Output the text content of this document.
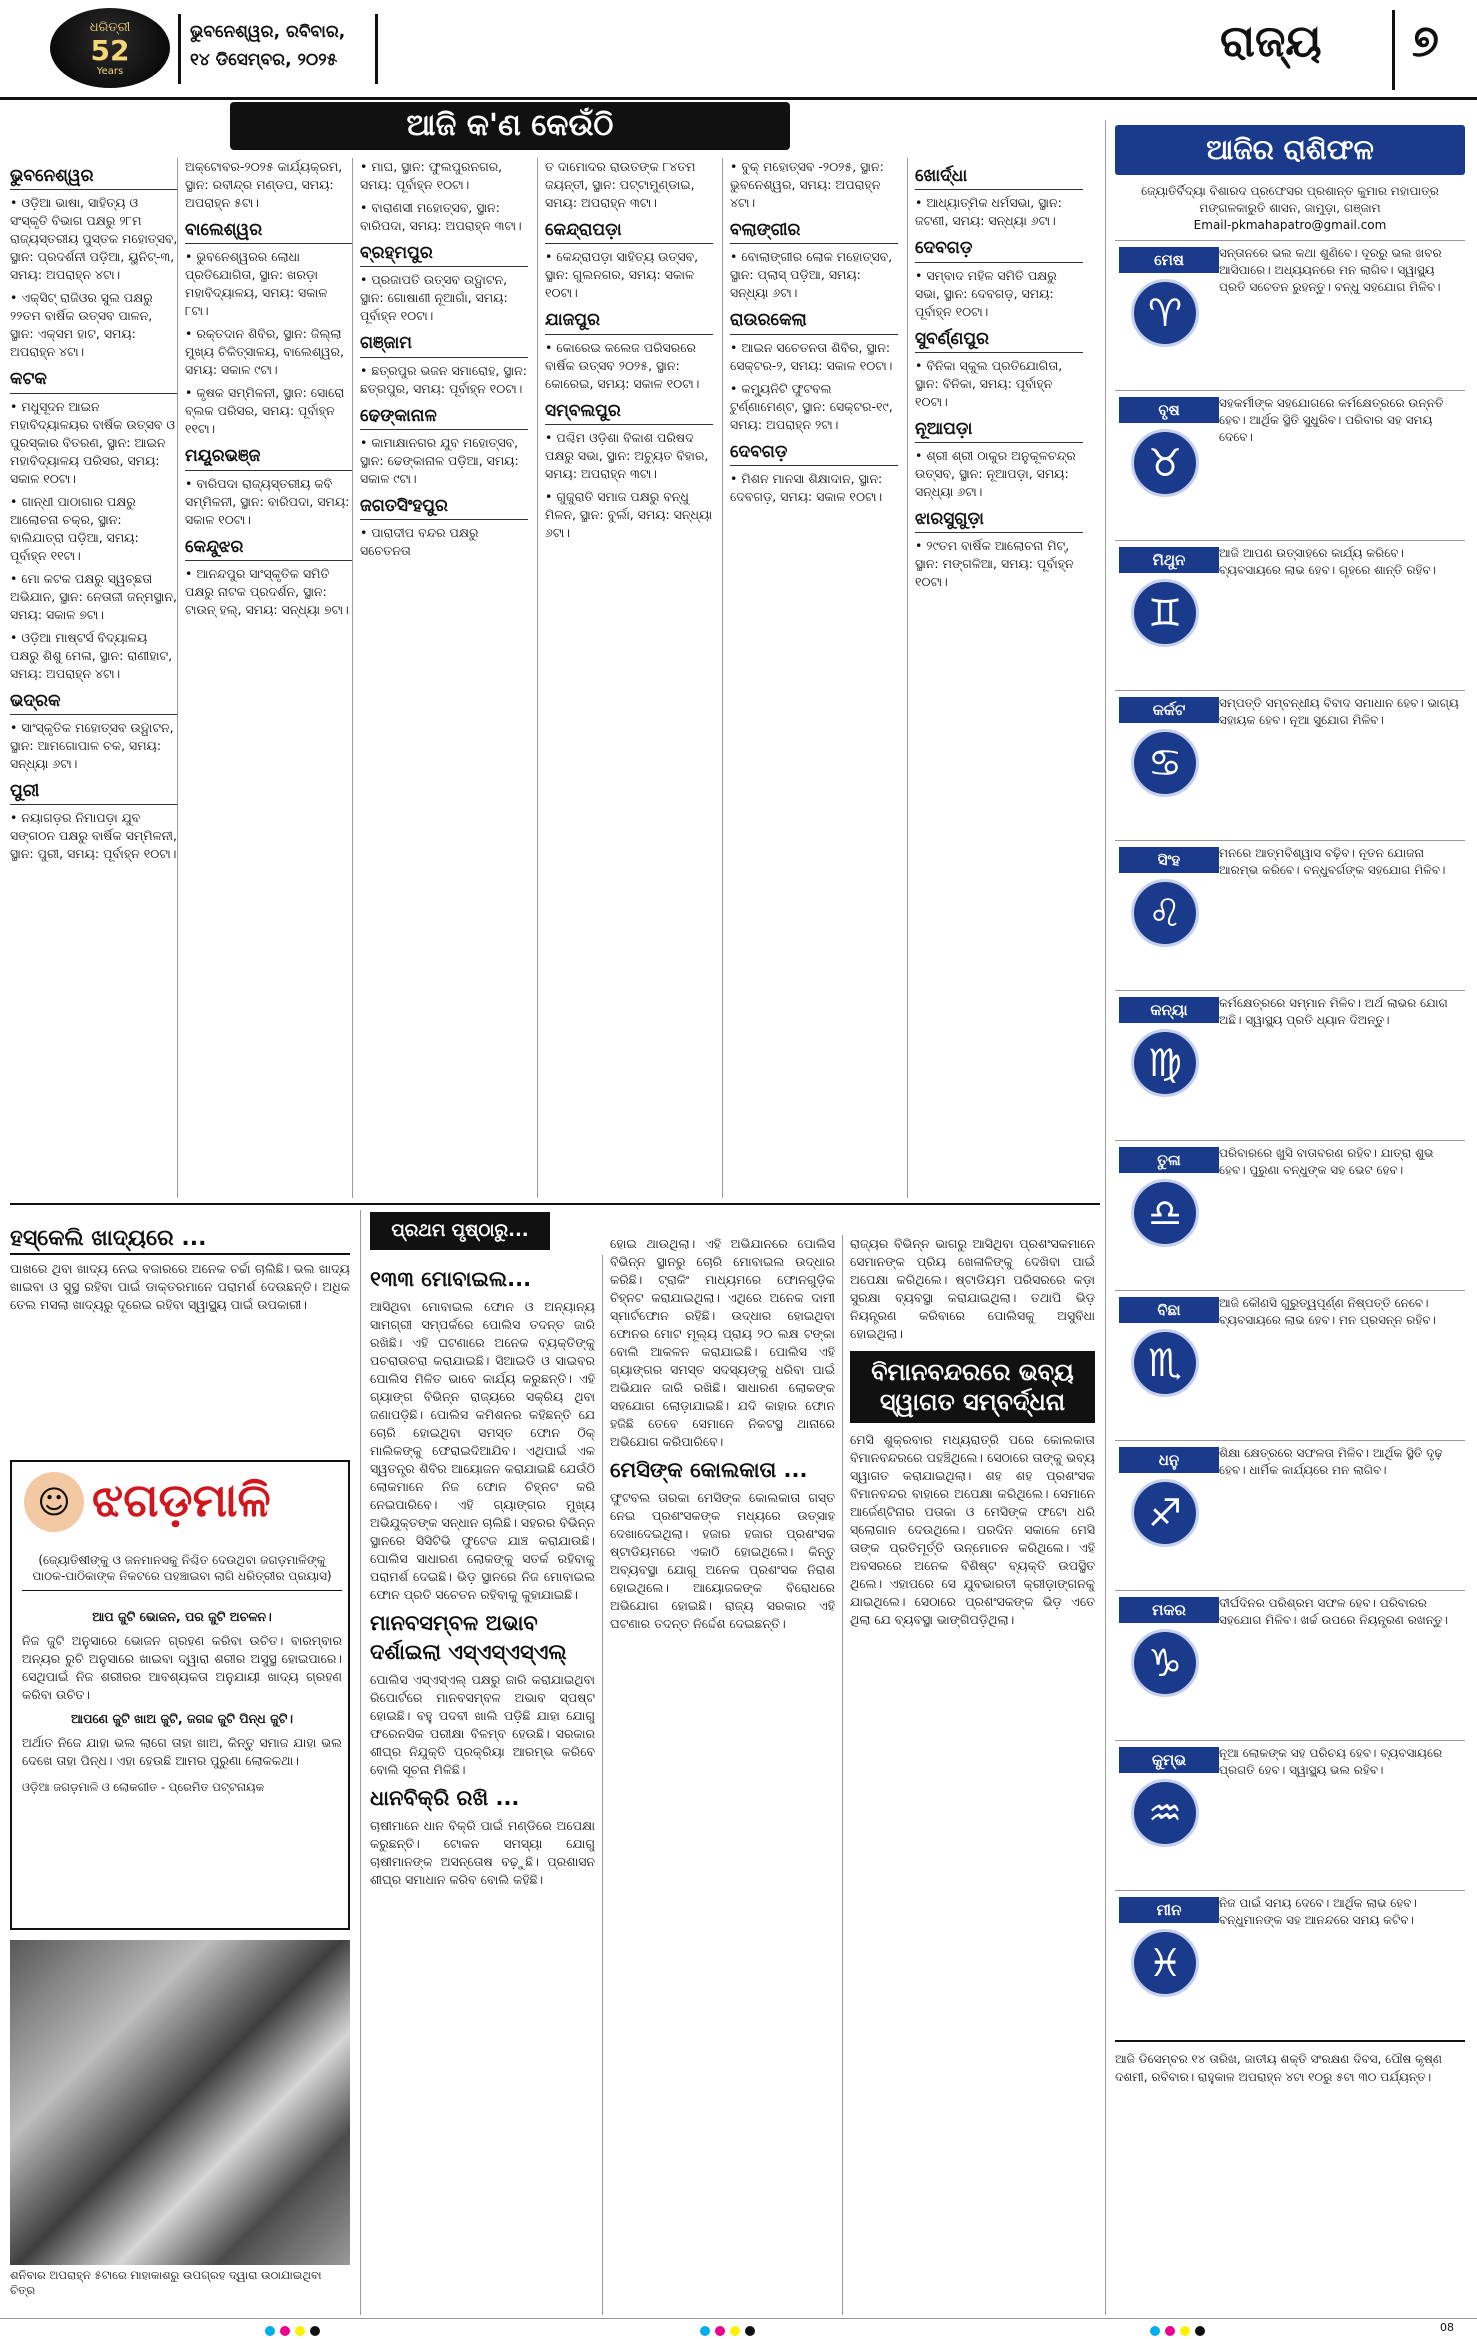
ଧରିତ୍ରୀ
52
Years
ଭୁବନେଶ୍ୱର, ରବିବାର,
୧୪ ଡିସେମ୍ବର, ୨୦୨୫	ରାଜ୍ୟ ୭
ଆଜି କ'ଣ କେଉଁଠି
ଭୁବନେଶ୍ୱର
• ଓଡ଼ିଆ ଭାଷା, ସାହିତ୍ୟ ଓ ସଂସ୍କୃତି ବିଭାଗ ପକ୍ଷରୁ ୨୮ମ ରାଜ୍ୟସ୍ତରୀୟ ପୁସ୍ତକ ମହୋତ୍ସବ, ସ୍ଥାନ: ପ୍ରଦର୍ଶନୀ ପଡ଼ିଆ, ୟୁନିଟ୍-୩, ସମୟ: ଅପରାହ୍ନ ୪ଟା।
• ଏକ୍ସିଟ୍ ରାଜିଓର ସୁଲ ପକ୍ଷରୁ ୨୨ତମ ବାର୍ଷିକ ଉତ୍ସବ ପାଳନ, ସ୍ଥାନ: ଏକ୍ସମ ହାଟ, ସମୟ: ଅପରାହ୍ନ ୪ଟା।
କଟକ
• ମଧୁସୂଦନ ଆଇନ ମହାବିଦ୍ୟାଳୟର ବାର୍ଷିକ ଉତ୍ସବ ଓ ପୁରସ୍କାର ବିତରଣ, ସ୍ଥାନ: ଆଇନ ମହାବିଦ୍ୟାଳୟ ପରିସର, ସମୟ: ସକାଳ ୧୦ଟା।
• ଗାନ୍ଧୀ ପାଠାଗାର ପକ୍ଷରୁ ଆଲୋଚନା ଚକ୍ର, ସ୍ଥାନ: ବାଲିଯାତ୍ରା ପଡ଼ିଆ, ସମୟ: ପୂର୍ବାହ୍ନ ୧୧ଟା।
• ମୋ କଟକ ପକ୍ଷରୁ ସ୍ୱଚ୍ଛତା ଅଭିଯାନ, ସ୍ଥାନ: ନେତାଜୀ ଜନ୍ମସ୍ଥାନ, ସମୟ: ସକାଳ ୭ଟା।
• ଓଡ଼ିଆ ମାଷ୍ଟର୍ସ ବିଦ୍ୟାଳୟ ପକ୍ଷରୁ ଶିଶୁ ମେଳା, ସ୍ଥାନ: ରାଣୀହାଟ, ସମୟ: ଅପରାହ୍ନ ୪ଟା।
ଭଦ୍ରକ
• ସାଂସ୍କୃତିକ ମହୋତ୍ସବ ଉଦ୍ଘାଟନ, ସ୍ଥାନ: ଆମଗୋପାଳ ଚକ, ସମୟ: ସନ୍ଧ୍ୟା ୬ଟା।
ପୁରୀ
• ନୟାଗଡ଼ର ନିମାପଡ଼ା ଯୁବ ସଙ୍ଗଠନ ପକ୍ଷରୁ ବାର୍ଷିକ ସମ୍ମିଳନୀ, ସ୍ଥାନ: ପୁରୀ, ସମୟ: ପୂର୍ବାହ୍ନ ୧୦ଟା।
ଅକ୍ଟୋବର-୨୦୨୫ କାର୍ଯ୍ୟକ୍ରମ, ସ୍ଥାନ: ରବୀନ୍ଦ୍ର ମଣ୍ଡପ, ସମୟ: ଅପରାହ୍ନ ୫ଟା।
ବାଲେଶ୍ୱର
• ଭୁବନେଶ୍ୱରର ଲୋଧା ପ୍ରତିଯୋଗିତା, ସ୍ଥାନ: ଖରଡ଼ା ମହାବିଦ୍ୟାଳୟ, ସମୟ: ସକାଳ ୮ଟା।
• ରକ୍ତଦାନ ଶିବିର, ସ୍ଥାନ: ଜିଲ୍ଲା ମୁଖ୍ୟ ଚିକିତ୍ସାଳୟ, ବାଲେଶ୍ୱର, ସମୟ: ସକାଳ ୯ଟା।
• କୃଷକ ସମ୍ମିଳନୀ, ସ୍ଥାନ: ସୋରୋ ବ୍ଲକ ପରିସର, ସମୟ: ପୂର୍ବାହ୍ନ ୧୧ଟା।
ମୟୂରଭଞ୍ଜ
• ବାରିପଦା ରାଜ୍ୟସ୍ତରୀୟ କବି ସମ୍ମିଳନୀ, ସ୍ଥାନ: ବାରିପଦା, ସମୟ: ସକାଳ ୧୦ଟା।
କେନ୍ଦୁଝର
• ଆନନ୍ଦପୁର ସାଂସ୍କୃତିକ ସମିତି ପକ୍ଷରୁ ନାଟକ ପ୍ରଦର୍ଶନ, ସ୍ଥାନ: ଟାଉନ୍ ହଲ୍, ସମୟ: ସନ୍ଧ୍ୟା ୭ଟା।
• ମାଘ, ସ୍ଥାନ: ଫୁଲପୁରନଗର, ସମୟ: ପୂର୍ବାହ୍ନ ୧୦ଟା।
• ବାରାଣସୀ ମହୋତ୍ସବ, ସ୍ଥାନ: ବାରିପଦା, ସମୟ: ଅପରାହ୍ନ ୩ଟା।
ବ୍ରହ୍ମପୁର
• ପ୍ରଜାପତି ଉତ୍ସବ ଉଦ୍ଘାଟନ, ସ୍ଥାନ: ଗୋଷାଣୀ ନୂଆଗାଁ, ସମୟ: ପୂର୍ବାହ୍ନ ୧୦ଟା।
ଗଞ୍ଜାମ
• ଛତ୍ରପୁର ଭଜନ ସମାରୋହ, ସ୍ଥାନ: ଛତ୍ରପୁର, ସମୟ: ପୂର୍ବାହ୍ନ ୧୦ଟା।
ଢେଙ୍କାନାଳ
• କାମାକ୍ଷାନଗର ଯୁବ ମହୋତ୍ସବ, ସ୍ଥାନ: ଢେଙ୍କାନାଳ ପଡ଼ିଆ, ସମୟ: ସକାଳ ୯ଟା।
ଜଗତସିଂହପୁର
• ପାରାଦୀପ ବନ୍ଦର ପକ୍ଷରୁ ସଚେତନତା
ତ ଦାମୋଦର ରାଉତଙ୍କ ୮୪ତମ ଜୟନ୍ତୀ, ସ୍ଥାନ: ପଟ୍ଟାମୁଣ୍ଡାଇ, ସମୟ: ଅପରାହ୍ନ ୩ଟା।
କେନ୍ଦ୍ରାପଡ଼ା
• କେନ୍ଦ୍ରାପଡ଼ା ସାହିତ୍ୟ ଉତ୍ସବ, ସ୍ଥାନ: ଗୁଲନଗର, ସମୟ: ସକାଳ ୧୦ଟା।
ଯାଜପୁର
• କୋରେଇ କଲେଜ ପରିସରରେ ବାର୍ଷିକ ଉତ୍ସବ ୨୦୨୫, ସ୍ଥାନ: କୋରେଇ, ସମୟ: ସକାଳ ୧୦ଟା।
ସମ୍ବଲପୁର
• ପଶ୍ଚିମ ଓଡ଼ିଶା ବିକାଶ ପରିଷଦ ପକ୍ଷରୁ ସଭା, ସ୍ଥାନ: ଅଚ୍ୟୁତ ବିହାର, ସମୟ: ଅପରାହ୍ନ ୩ଟା।
• ଗୁଜୁରାତି ସମାଜ ପକ୍ଷରୁ ବନ୍ଧୁ ମିଳନ, ସ୍ଥାନ: ବୁର୍ଲା, ସମୟ: ସନ୍ଧ୍ୟା ୬ଟା।
• ବୁକ୍ ମହୋତ୍ସବ -୨୦୨୫, ସ୍ଥାନ: ଭୁବନେଶ୍ୱର, ସମୟ: ଅପରାହ୍ନ ୪ଟା।
ବଲାଙ୍ଗୀର
• ବୋଲାଙ୍ଗୀର ଲୋକ ମହୋତ୍ସବ, ସ୍ଥାନ: ପ୍ଲାସ୍ ପଡ଼ିଆ, ସମୟ: ସନ୍ଧ୍ୟା ୬ଟା।
ରାଉରକେଲା
• ଆଇନ ସଚେତନତା ଶିବିର, ସ୍ଥାନ: ସେକ୍ଟର-୨, ସମୟ: ସକାଳ ୧୦ଟା।
• କମ୍ୟୁନିଟି ଫୁଟବଲ ଟୁର୍ଣ୍ଣାମେଣ୍ଟ, ସ୍ଥାନ: ସେକ୍ଟର-୧୯, ସମୟ: ଅପରାହ୍ନ ୨ଟା।
ଦେବଗଡ଼
• ମିଶନ ମାନସା ଶିକ୍ଷାଦାନ, ସ୍ଥାନ: ଦେବଗଡ଼, ସମୟ: ସକାଳ ୧୦ଟା।
ଖୋର୍ଦ୍ଧା
• ଆଧ୍ୟାତ୍ମିକ ଧର୍ମସଭା, ସ୍ଥାନ: ଜଟଣୀ, ସମୟ: ସନ୍ଧ୍ୟା ୬ଟା।
ଦେବଗଡ଼
• ସମ୍ବାଦ ମହିଳ ସମିତି ପକ୍ଷରୁ ସଭା, ସ୍ଥାନ: ଦେବଗଡ଼, ସମୟ: ପୂର୍ବାହ୍ନ ୧୦ଟା।
ସୁବର୍ଣ୍ଣପୁର
• ବିନିକା ସ୍କୁଲ ପ୍ରତିଯୋଗିତା, ସ୍ଥାନ: ବିନିକା, ସମୟ: ପୂର୍ବାହ୍ନ ୧୦ଟା।
ନୂଆପଡ଼ା
• ଶ୍ରୀ ଶ୍ରୀ ଠାକୁର ଅନୁକୂଳଚନ୍ଦ୍ର ଉତ୍ସବ, ସ୍ଥାନ: ନୂଆପଡ଼ା, ସମୟ: ସନ୍ଧ୍ୟା ୬ଟା।
ଝାରସୁଗୁଡ଼ା
• ୨୯ତମ ବାର୍ଷିକ ଆଲୋଚନା ମିଟ୍, ସ୍ଥାନ: ମଙ୍ଗଳିଆ, ସମୟ: ପୂର୍ବାହ୍ନ ୧୦ଟା।
ଆଜିର ରାଶିଫଳ
ଜ୍ୟୋତିର୍ବିଦ୍ୟା ବିଶାରଦ ପ୍ରଫେସର ପ୍ରଶାନ୍ତ କୁମାର ମହାପାତ୍ର
ମଙ୍ଗଳକାରୁତି ଶାସନ, ଜାମୁଡ଼ା, ଗଞ୍ଜାମ
Email-pkmahapatro@gmail.com
ମେଷ
♈
ସନ୍ତାନରେ ଭଲ କଥା ଶୁଣିବେ। ଦୂରରୁ ଭଲ ଖବର ଆସିପାରେ। ଅଧ୍ୟୟନରେ ମନ ଲାଗିବ। ସ୍ୱାସ୍ଥ୍ୟ ପ୍ରତି ସଚେତନ ରୁହନ୍ତୁ। ବନ୍ଧୁ ସହଯୋଗ ମିଳିବ।
ବୃଷ
♉
ସହକର୍ମୀଙ୍କ ସହଯୋଗରେ କର୍ମକ୍ଷେତ୍ରରେ ଉନ୍ନତି ହେବ। ଆର୍ଥିକ ସ୍ଥିତି ସୁଧୁରିବ। ପରିବାର ସହ ସମୟ ଦେବେ।
ମିଥୁନ
♊
ଆଜି ଆପଣ ଉତ୍ସାହରେ କାର୍ଯ୍ୟ କରିବେ। ବ୍ୟବସାୟରେ ଲାଭ ହେବ। ଗୃହରେ ଶାନ୍ତି ରହିବ।
କର୍କଟ
♋
ସମ୍ପତ୍ତି ସମ୍ବନ୍ଧୀୟ ବିବାଦ ସମାଧାନ ହେବ। ଭାଗ୍ୟ ସହାୟକ ହେବ। ନୂଆ ସୁଯୋଗ ମିଳିବ।
ସିଂହ
♌
ମନରେ ଆତ୍ମବିଶ୍ୱାସ ବଢ଼ିବ। ନୂତନ ଯୋଜନା ଆରମ୍ଭ କରିବେ। ବନ୍ଧୁବର୍ଗଙ୍କ ସହଯୋଗ ମିଳିବ।
କନ୍ୟା
♍
କର୍ମକ୍ଷେତ୍ରରେ ସମ୍ମାନ ମିଳିବ। ଅର୍ଥ ଲାଭର ଯୋଗ ଅଛି। ସ୍ୱାସ୍ଥ୍ୟ ପ୍ରତି ଧ୍ୟାନ ଦିଅନ୍ତୁ।
ତୁଳା
♎
ପରିବାରରେ ଖୁସି ବାତାବରଣ ରହିବ। ଯାତ୍ରା ଶୁଭ ହେବ। ପୁରୁଣା ବନ୍ଧୁଙ୍କ ସହ ଭେଟ ହେବ।
ବିଛା
♏
ଆଜି କୌଣସି ଗୁରୁତ୍ୱପୂର୍ଣ୍ଣ ନିଷ୍ପତ୍ତି ନେବେ। ବ୍ୟବସାୟରେ ଲାଭ ହେବ। ମନ ପ୍ରସନ୍ନ ରହିବ।
ଧନୁ
♐
ଶିକ୍ଷା କ୍ଷେତ୍ରରେ ସଫଳତା ମିଳିବ। ଆର୍ଥିକ ସ୍ଥିତି ଦୃଢ଼ ହେବ। ଧାର୍ମିକ କାର୍ଯ୍ୟରେ ମନ ଲାଗିବ।
ମକର
♑
ଦୀର୍ଘଦିନର ପରିଶ୍ରମ ସଫଳ ହେବ। ପରିବାରର ସହଯୋଗ ମିଳିବ। ଖର୍ଚ୍ଚ ଉପରେ ନିୟନ୍ତ୍ରଣ ରଖନ୍ତୁ।
କୁମ୍ଭ
♒
ନୂଆ ଲୋକଙ୍କ ସହ ପରିଚୟ ହେବ। ବ୍ୟବସାୟରେ ପ୍ରଗତି ହେବ। ସ୍ୱାସ୍ଥ୍ୟ ଭଲ ରହିବ।
ମୀନ
♓
ନିଜ ପାଇଁ ସମୟ ଦେବେ। ଆର୍ଥିକ ଲାଭ ହେବ। ବନ୍ଧୁମାନଙ୍କ ସହ ଆନନ୍ଦରେ ସମୟ କଟିବ।
ଆଜି ଡିସେମ୍ବର ୧୪ ତାରିଖ, ଜାତୀୟ ଶକ୍ତି ସଂରକ୍ଷଣ ଦିବସ, ପୌଷ କୃଷ୍ଣ ଦଶମୀ, ରବିବାର। ରାହୁକାଳ ଅପରାହ୍ନ ୪ଟା ୧୦ରୁ ୫ଟା ୩୦ ପର୍ଯ୍ୟନ୍ତ।
ହସ୍କେଲି ଖାଦ୍ୟରେ ...
ପାଖରେ ଥିବା ଖାଦ୍ୟ ନେଇ ବଜାରରେ ଅନେକ ଚର୍ଚ୍ଚା ଚାଲିଛି। ଭଲ ଖାଦ୍ୟ ଖାଇବା ଓ ସୁସ୍ଥ ରହିବା ପାଇଁ ଡାକ୍ତରମାନେ ପରାମର୍ଶ ଦେଉଛନ୍ତି। ଅଧିକ ତେଲ ମସଲା ଖାଦ୍ୟରୁ ଦୂରେଇ ରହିବା ସ୍ୱାସ୍ଥ୍ୟ ପାଇଁ ଉପକାରୀ।
☺ ଝଗଡ଼ମାଳି
(ଜ୍ୟୋତିଷୀଙ୍କୁ ଓ ଜନମାନସକୁ ନିଶ୍ଚିତ ଦେଉଥିବା ଜଗଡ଼ମାଳିଙ୍କୁ ପାଠକ-ପାଠିକାଙ୍କ ନିକଟରେ ପହଞ୍ଚାଇବା ଲାଗି ଧରିତ୍ରୀର ପ୍ରୟାସ)
ଆପ ଜୁଟି ଭୋଜନ, ପର ଜୁଟି ଅଚଳନ।
ନିଜ ଜୁଟି ଅନୁସାରେ ଭୋଜନ ଗ୍ରହଣ କରିବା ଉଚିତ। ବାରମ୍ବାର ଅନ୍ୟର ରୁଚି ଅନୁସାରେ ଖାଇବା ଦ୍ୱାରା ଶରୀର ଅସୁସ୍ଥ ହୋଇପାରେ। ସେଥିପାଇଁ ନିଜ ଶରୀରର ଆବଶ୍ୟକତା ଅନୁଯାୟୀ ଖାଦ୍ୟ ଗ୍ରହଣ କରିବା ଉଚିତ।
ଆପଣେ ଜୁଟି ଖାଅ ଜୁଟି, ଜଗଦ୍ଦ ଜୁଟି ପିନ୍ଧ ଜୁଟି।
ଅର୍ଥାତ ନିଜେ ଯାହା ଭଲ ଲାଗେ ତାହା ଖାଅ, କିନ୍ତୁ ସମାଜ ଯାହା ଭଲ ଦେଖେ ତାହା ପିନ୍ଧ। ଏହା ହେଉଛି ଆମର ପୁରୁଣା ଲୋକକଥା।
ଓଡ଼ିଆ ଜଗଡ଼ମାଳି ଓ ଲୋକଗୀତ - ପ୍ରେମିତ ପଟ୍ଟନାୟକ
ଶନିବାର ଅପରାହ୍ନ ୫ଟାରେ ମାହାକାଶରୁ ଉପଗ୍ରହ ଦ୍ୱାରା ଉଠାଯାଇଥିବା ଚିତ୍ର
ପ୍ରଥମ ପୃଷ୍ଠାରୁ...
୧୩୩ ମୋବାଇଲ...
ଆସିଥିବା ମୋବାଇଲ ଫୋନ ଓ ଅନ୍ୟାନ୍ୟ ସାମଗ୍ରୀ ସମ୍ପର୍କରେ ପୋଲିସ ତଦନ୍ତ ଜାରି ରଖିଛି। ଏହି ଘଟଣାରେ ଅନେକ ବ୍ୟକ୍ତିଙ୍କୁ ପଚରାଉଚରା କରାଯାଇଛି। ସିଆଇଡି ଓ ସାଇବର ପୋଲିସ ମିଳିତ ଭାବେ କାର୍ଯ୍ୟ କରୁଛନ୍ତି। ଏହି ଗ୍ୟାଙ୍ଗ ବିଭିନ୍ନ ରାଜ୍ୟରେ ସକ୍ରିୟ ଥିବା ଜଣାପଡ଼ିଛି। ପୋଲିସ କମିଶନର କହିଛନ୍ତି ଯେ ଚୋରି ହୋଇଥିବା ସମସ୍ତ ଫୋନ ଠିକ୍ ମାଲିକଙ୍କୁ ଫେରାଇଦିଆଯିବ। ଏଥିପାଇଁ ଏକ ସ୍ୱତନ୍ତ୍ର ଶିବିର ଆୟୋଜନ କରାଯାଇଛି ଯେଉଁଠି ଲୋକମାନେ ନିଜ ଫୋନ ଚିହ୍ନଟ କରି ନେଇପାରିବେ। ଏହି ଗ୍ୟାଙ୍ଗର ମୁଖ୍ୟ ଅଭିଯୁକ୍ତଙ୍କ ସନ୍ଧାନ ଚାଲିଛି। ସହରର ବିଭିନ୍ନ ସ୍ଥାନରେ ସିସିଟିଭି ଫୁଟେଜ ଯାଞ୍ଚ କରାଯାଉଛି। ପୋଲିସ ସାଧାରଣ ଲୋକଙ୍କୁ ସତର୍କ ରହିବାକୁ ପରାମର୍ଶ ଦେଇଛି। ଭିଡ଼ ସ୍ଥାନରେ ନିଜ ମୋବାଇଲ ଫୋନ ପ୍ରତି ସଚେତନ ରହିବାକୁ କୁହାଯାଇଛି।
ମାନବସମ୍ବଳ ଅଭାବ
ଦର୍ଶାଇଲା ଏସ୍ଏସ୍ଏସ୍ଏଲ୍
ପୋଲିସ ଏସ୍ଏସ୍ଏଲ୍ ପକ୍ଷରୁ ଜାରି କରାଯାଇଥିବା ରିପୋର୍ଟରେ ମାନବସମ୍ବଳ ଅଭାବ ସ୍ପଷ୍ଟ ହୋଇଛି। ବହୁ ପଦବୀ ଖାଲି ପଡ଼ିଛି ଯାହା ଯୋଗୁ ଫରେନସିକ ପରୀକ୍ଷା ବିଳମ୍ବ ହେଉଛି। ସରକାର ଶୀଘ୍ର ନିଯୁକ୍ତି ପ୍ରକ୍ରିୟା ଆରମ୍ଭ କରିବେ ବୋଲି ସୂଚନା ମିଳିଛି।
ଧାନବିକ୍ରି ରଖି ...
ଚାଷୀମାନେ ଧାନ ବିକ୍ରି ପାଇଁ ମଣ୍ଡିରେ ଅପେକ୍ଷା କରୁଛନ୍ତି। ଟୋକନ ସମସ୍ୟା ଯୋଗୁ ଚାଷୀମାନଙ୍କ ଅସନ୍ତୋଷ ବଢ଼ୁଛି। ପ୍ରଶାସନ ଶୀଘ୍ର ସମାଧାନ କରିବ ବୋଲି କହିଛି।
ହୋଇ ଥାଉଥିଲା। ଏହି ଅଭିଯାନରେ ପୋଲିସ ବିଭିନ୍ନ ସ୍ଥାନରୁ ଚୋରି ମୋବାଇଲ ଉଦ୍ଧାର କରିଛି। ଟ୍ରାକିଂ ମାଧ୍ୟମରେ ଫୋନଗୁଡ଼ିକ ଚିହ୍ନଟ କରାଯାଇଥିଲା। ଏଥିରେ ଅନେକ ଦାମୀ ସ୍ମାର୍ଟଫୋନ ରହିଛି। ଉଦ୍ଧାର ହୋଇଥିବା ଫୋନର ମୋଟ ମୂଲ୍ୟ ପ୍ରାୟ ୨୦ ଲକ୍ଷ ଟଙ୍କା ବୋଲି ଆକଳନ କରାଯାଇଛି। ପୋଲିସ ଏହି ଗ୍ୟାଙ୍ଗର ସମସ୍ତ ସଦସ୍ୟଙ୍କୁ ଧରିବା ପାଇଁ ଅଭିଯାନ ଜାରି ରଖିଛି। ସାଧାରଣ ଲୋକଙ୍କ ସହଯୋଗ ଲୋଡ଼ାଯାଇଛି। ଯଦି କାହାର ଫୋନ ହଜିଛି ତେବେ ସେମାନେ ନିକଟସ୍ଥ ଥାନାରେ ଅଭିଯୋଗ କରିପାରିବେ।
ମେସିଙ୍କ କୋଲକାତା ...
ଫୁଟବଲ ତାରକା ମେସିଙ୍କ କୋଲକାତା ଗସ୍ତ ନେଇ ପ୍ରଶଂସକଙ୍କ ମଧ୍ୟରେ ଉତ୍ସାହ ଦେଖାଦେଇଥିଲା। ହଜାର ହଜାର ପ୍ରଶଂସକ ଷ୍ଟାଡିୟମରେ ଏକାଠି ହୋଇଥିଲେ। କିନ୍ତୁ ଅବ୍ୟବସ୍ଥା ଯୋଗୁ ଅନେକ ପ୍ରଶଂସକ ନିରାଶ ହୋଇଥିଲେ। ଆୟୋଜକଙ୍କ ବିରୋଧରେ ଅଭିଯୋଗ ହୋଇଛି। ରାଜ୍ୟ ସରକାର ଏହି ଘଟଣାର ତଦନ୍ତ ନିର୍ଦ୍ଦେଶ ଦେଇଛନ୍ତି।
ରାଜ୍ୟର ବିଭିନ୍ନ ଭାଗରୁ ଆସିଥିବା ପ୍ରଶଂସକମାନେ ସେମାନଙ୍କ ପ୍ରିୟ ଖେଳାଳିଙ୍କୁ ଦେଖିବା ପାଇଁ ଅପେକ୍ଷା କରିଥିଲେ। ଷ୍ଟାଡିୟମ ପରିସରରେ କଡ଼ା ସୁରକ୍ଷା ବ୍ୟବସ୍ଥା କରାଯାଇଥିଲା। ତଥାପି ଭିଡ଼ ନିୟନ୍ତ୍ରଣ କରିବାରେ ପୋଲିସକୁ ଅସୁବିଧା ହୋଇଥିଲା।
ବିମାନବନ୍ଦରରେ ଭବ୍ୟ ସ୍ୱାଗତ ସମ୍ବର୍ଦ୍ଧନା
ମେସି ଶୁକ୍ରବାର ମଧ୍ୟରାତ୍ରି ପରେ କୋଲକାତା ବିମାନବନ୍ଦରରେ ପହଞ୍ଚିଥିଲେ। ସେଠାରେ ତାଙ୍କୁ ଭବ୍ୟ ସ୍ୱାଗତ କରାଯାଇଥିଲା। ଶହ ଶହ ପ୍ରଶଂସକ ବିମାନବନ୍ଦର ବାହାରେ ଅପେକ୍ଷା କରିଥିଲେ। ସେମାନେ ଆର୍ଜେଣ୍ଟିନାର ପତାକା ଓ ମେସିଙ୍କ ଫଟୋ ଧରି ସ୍ଲୋଗାନ ଦେଉଥିଲେ। ପରଦିନ ସକାଳେ ମେସି ତାଙ୍କ ପ୍ରତିମୂର୍ତ୍ତି ଉନ୍ମୋଚନ କରିଥିଲେ। ଏହି ଅବସରରେ ଅନେକ ବିଶିଷ୍ଟ ବ୍ୟକ୍ତି ଉପସ୍ଥିତ ଥିଲେ। ଏହାପରେ ସେ ଯୁବଭାରତୀ କ୍ରୀଡ଼ାଙ୍ଗନକୁ ଯାଇଥିଲେ। ସେଠାରେ ପ୍ରଶଂସକଙ୍କ ଭିଡ଼ ଏତେ ଥିଲା ଯେ ବ୍ୟବସ୍ଥା ଭାଙ୍ଗିପଡ଼ିଥିଲା।
08
